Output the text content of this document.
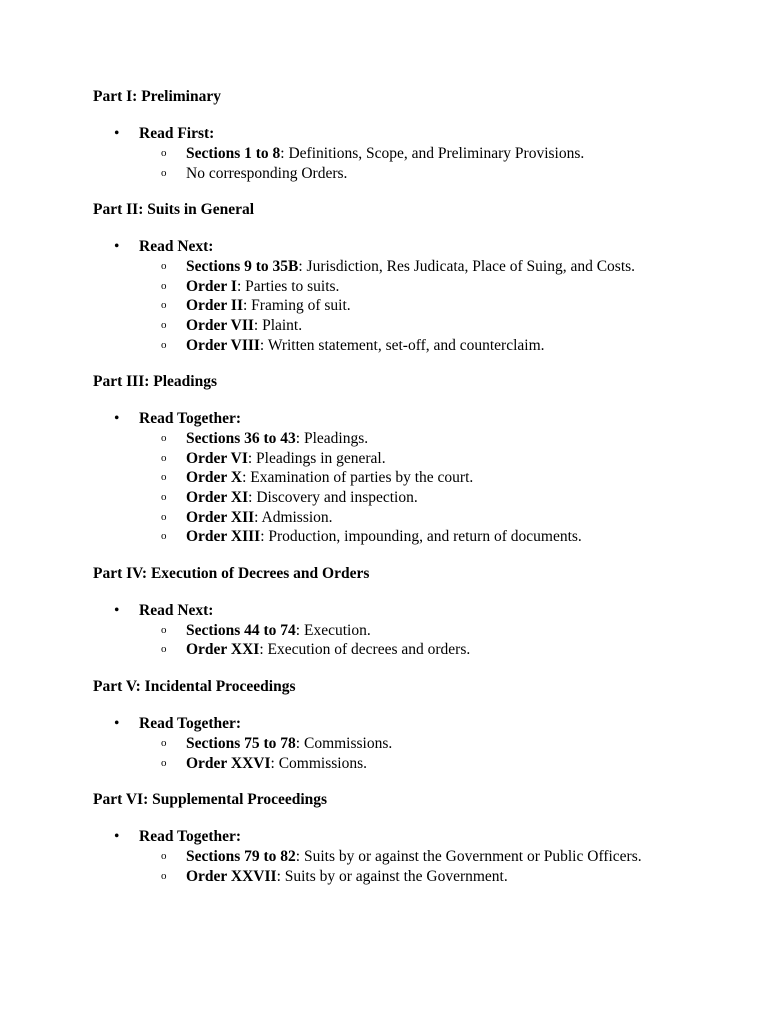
Part I: Preliminary
• Read First:
o Sections 1 to 8: Definitions, Scope, and Preliminary Provisions.
o No corresponding Orders.
Part II: Suits in General
• Read Next:
o Sections 9 to 35B: Jurisdiction, Res Judicata, Place of Suing, and Costs.
o Order I: Parties to suits.
o Order II: Framing of suit.
o Order VII: Plaint.
o Order VIII: Written statement, set-off, and counterclaim.
Part III: Pleadings
• Read Together:
o Sections 36 to 43: Pleadings.
o Order VI: Pleadings in general.
o Order X: Examination of parties by the court.
o Order XI: Discovery and inspection.
o Order XII: Admission.
o Order XIII: Production, impounding, and return of documents.
Part IV: Execution of Decrees and Orders
• Read Next:
o Sections 44 to 74: Execution.
o Order XXI: Execution of decrees and orders.
Part V: Incidental Proceedings
• Read Together:
o Sections 75 to 78: Commissions.
o Order XXVI: Commissions.
Part VI: Supplemental Proceedings
• Read Together:
o Sections 79 to 82: Suits by or against the Government or Public Officers.
o Order XXVII: Suits by or against the Government.
